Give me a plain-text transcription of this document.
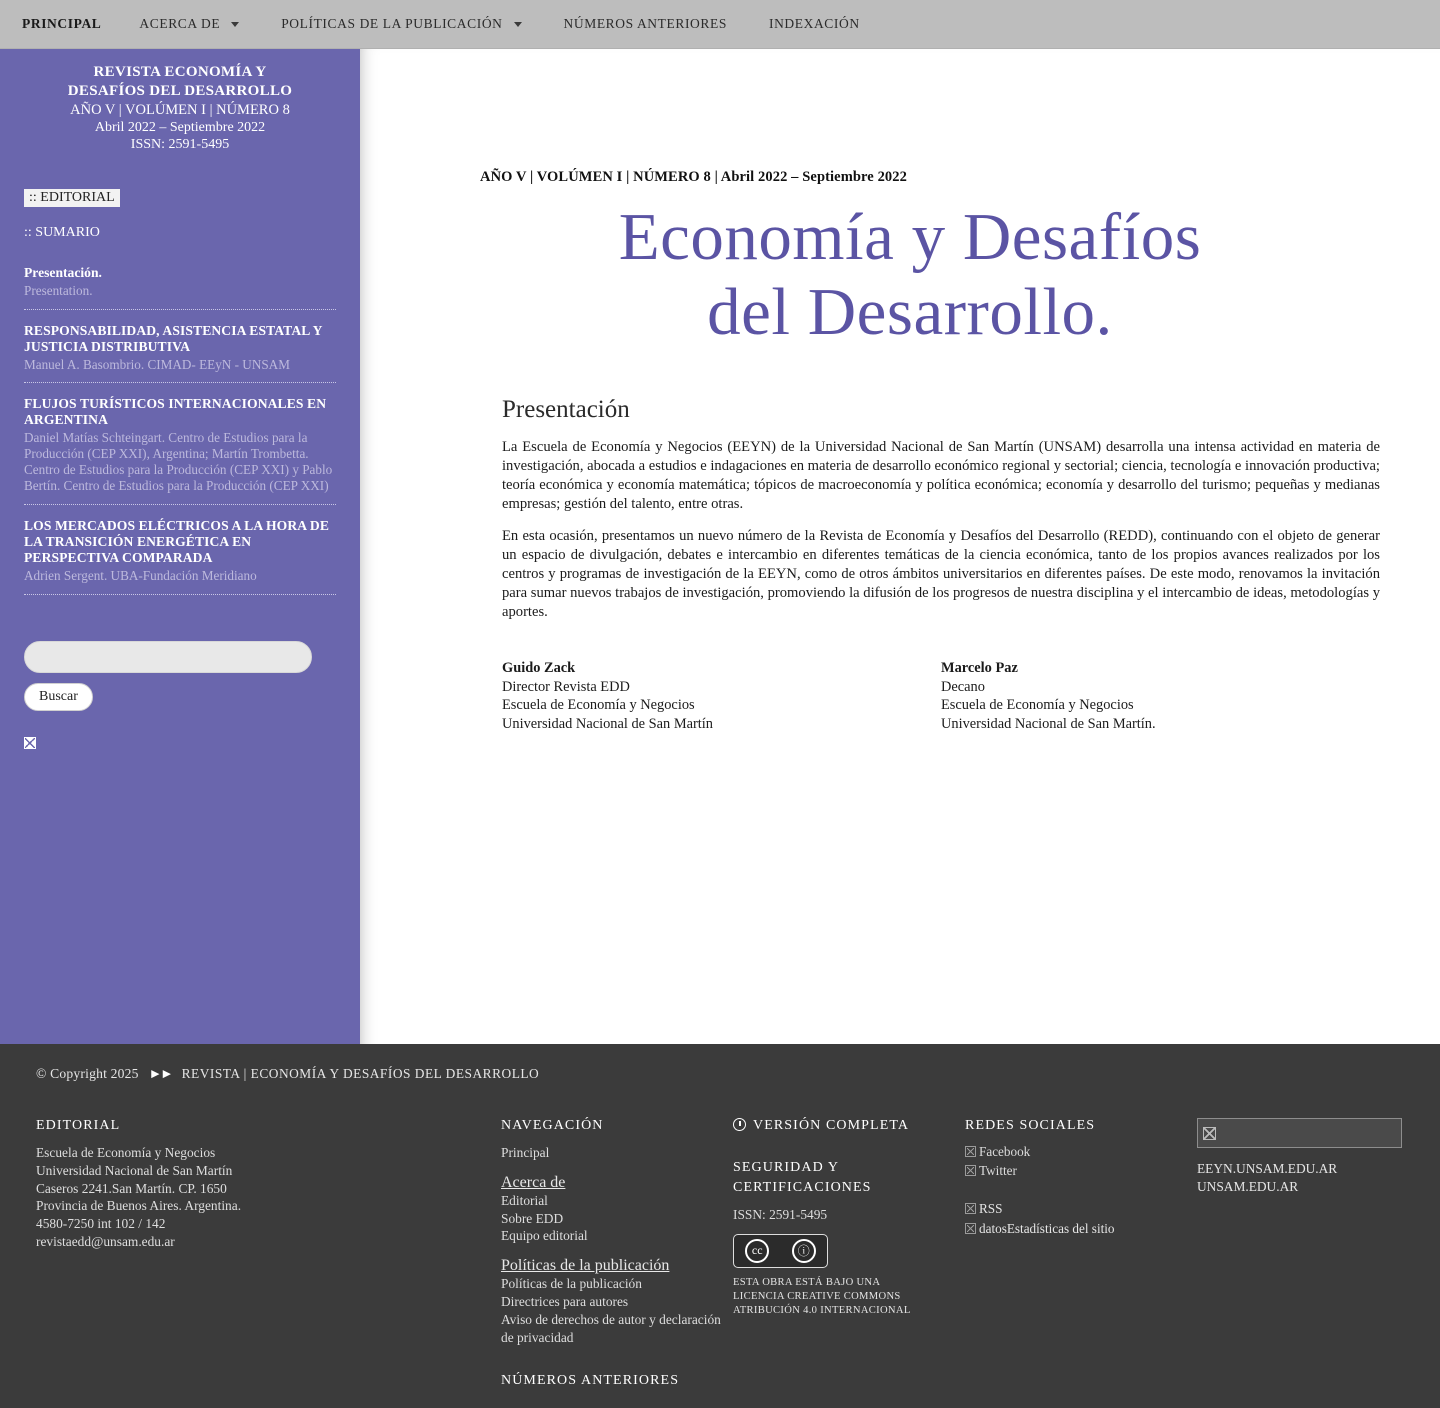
PRINCIPAL	ACERCA DE	POLÍTICAS DE LA PUBLICACIÓN	NÚMEROS ANTERIORES	INDEXACIÓN
REVISTA ECONOMÍA Y
DESAFÍOS DEL DESARROLLO
AÑO V | VOLÚMEN I | NÚMERO 8
Abril 2022 – Septiembre 2022
ISSN: 2591-5495
:: EDITORIAL
:: SUMARIO
Presentación.
Presentation.
RESPONSABILIDAD, ASISTENCIA ESTATAL Y JUSTICIA DISTRIBUTIVA
Manuel A. Basombrio. CIMAD- EEyN - UNSAM
FLUJOS TURÍSTICOS INTERNACIONALES EN ARGENTINA
Daniel Matías Schteingart. Centro de Estudios para la Producción (CEP XXI), Argentina; Martín Trombetta. Centro de Estudios para la Producción (CEP XXI) y Pablo Bertín. Centro de Estudios para la Producción (CEP XXI)
LOS MERCADOS ELÉCTRICOS A LA HORA DE LA TRANSICIÓN ENERGÉTICA EN PERSPECTIVA COMPARADA
Adrien Sergent. UBA-Fundación Meridiano
Buscar
AÑO V | VOLÚMEN I | NÚMERO 8 | Abril 2022 – Septiembre 2022
Economía y Desafíos
del Desarrollo.
Presentación

La Escuela de Economía y Negocios (EEYN) de la Universidad Nacional de San Martín (UNSAM) desarrolla una intensa actividad en materia de investigación, abocada a estudios e indagaciones en materia de desarrollo económico regional y sectorial; ciencia, tecnología e innovación productiva; teoría económica y economía matemática; tópicos de macroeconomía y política económica; economía y desarrollo del turismo; pequeñas y medianas empresas; gestión del talento, entre otras.

En esta ocasión, presentamos un nuevo número de la Revista de Economía y Desafíos del Desarrollo (REDD), continuando con el objeto de generar un espacio de divulgación, debates e intercambio en diferentes temáticas de la ciencia económica, tanto de los propios avances realizados por los centros y programas de investigación de la EEYN, como de otros ámbitos universitarios en diferentes países. De este modo, renovamos la invitación para sumar nuevos trabajos de investigación, promoviendo la difusión de los progresos de nuestra disciplina y el intercambio de ideas, metodologías y aportes.

Guido Zack
Director Revista EDD
Escuela de Economía y Negocios
Universidad Nacional de San Martín
Marcelo Paz
Decano
Escuela de Economía y Negocios
Universidad Nacional de San Martín.
© Copyright 2025 ►► REVISTA | ECONOMÍA Y DESAFÍOS DEL DESARROLLO
EDITORIAL
Escuela de Economía y Negocios
Universidad Nacional de San Martín
Caseros 2241.San Martín. CP. 1650
Provincia de Buenos Aires. Argentina.
4580-7250 int 102 / 142
revistaedd@unsam.edu.ar
NAVEGACIÓN
Principal
Acerca de
Editorial
Sobre EDD
Equipo editorial
Políticas de la publicación
Políticas de la publicación
Directrices para autores
Aviso de derechos de autor y declaración de privacidad
NÚMEROS ANTERIORES
VERSIÓN COMPLETA
SEGURIDAD Y
CERTIFICACIONES
ISSN: 2591-5495
cc	ⓘ
ESTA OBRA ESTÁ BAJO UNA LICENCIA CREATIVE COMMONS ATRIBUCIÓN 4.0 INTERNACIONAL
REDES SOCIALES
Facebook
Twitter
RSS
datosEstadísticas del sitio
EEYN.UNSAM.EDU.AR
UNSAM.EDU.AR
